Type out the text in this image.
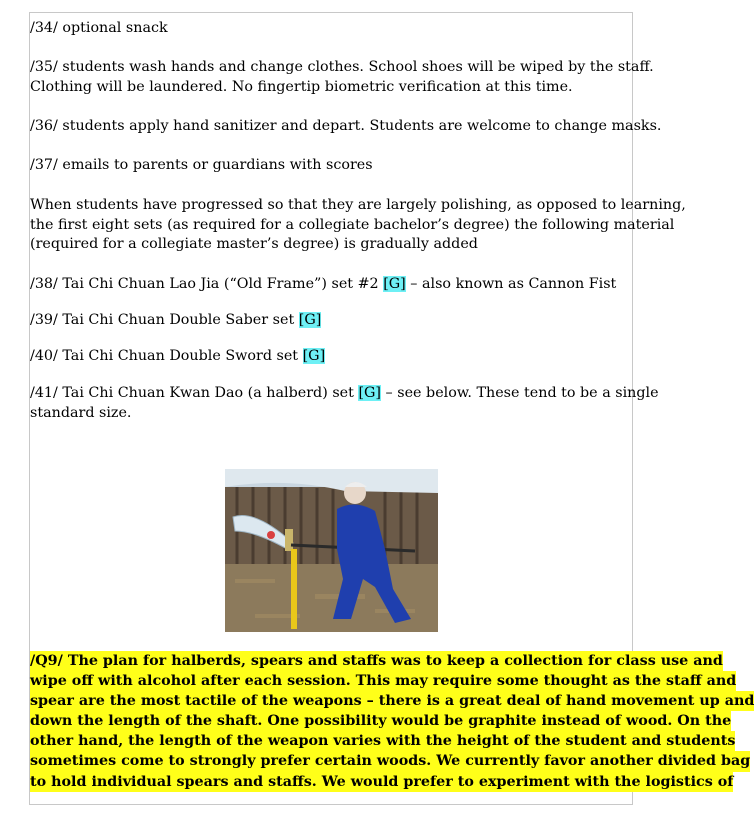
/34/ optional snack
/35/ students wash hands and change clothes. School shoes will be wiped by the staff.
Clothing will be laundered. No fingertip biometric verification at this time.
/36/ students apply hand sanitizer and depart. Students are welcome to change masks.
/37/ emails to parents or guardians with scores
When students have progressed so that they are largely polishing, as opposed to learning,
the first eight sets (as required for a collegiate bachelor’s degree) the following material
(required for a collegiate master’s degree) is gradually added
/38/ Tai Chi Chuan Lao Jia (“Old Frame”) set #2 [G] – also known as Cannon Fist
/39/ Tai Chi Chuan Double Saber set [G]
/40/ Tai Chi Chuan Double Sword set [G]
/41/ Tai Chi Chuan Kwan Dao (a halberd) set [G] – see below. These tend to be a single
standard size.
/Q9/ The plan for halberds, spears and staffs was to keep a collection for class use and
wipe off with alcohol after each session. This may require some thought as the staff and
spear are the most tactile of the weapons – there is a great deal of hand movement up and
down the length of the shaft. One possibility would be graphite instead of wood. On the
other hand, the length of the weapon varies with the height of the student and students
sometimes come to strongly prefer certain woods. We currently favor another divided bag
to hold individual spears and staffs. We would prefer to experiment with the logistics of
